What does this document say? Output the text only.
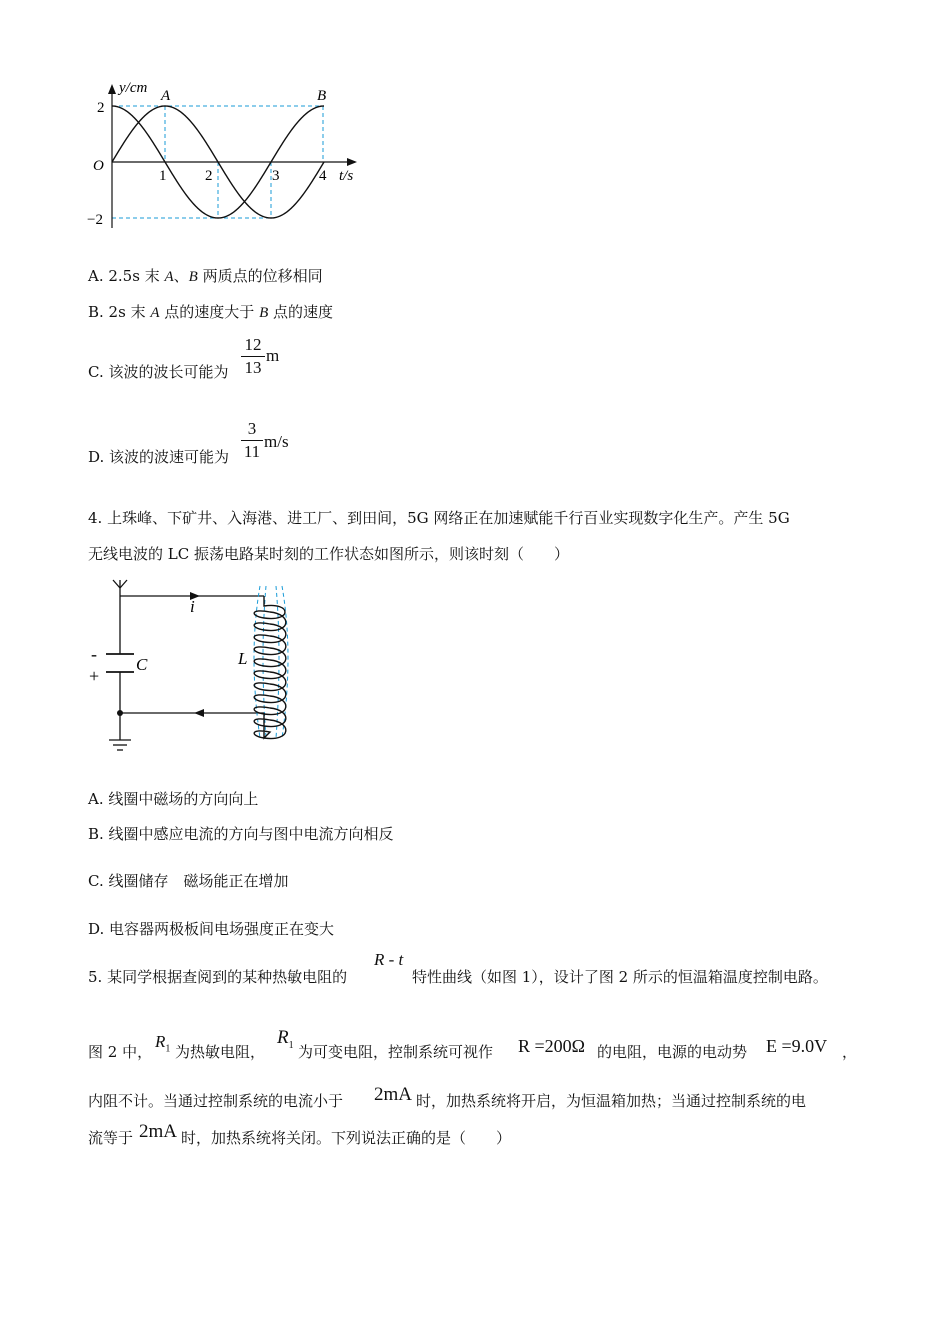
y/cm
t/s
O
2
−2
1	2	3	4
A	B
A. 2.5s 末 A、B 两质点的位移相同
B. 2s 末 A 点的速度大于 B 点的速度
C. 该波的波长可能为
12
13
m
D. 该波的波速可能为
3
11
m/s
4. 上珠峰、下矿井、入海港、进工厂、到田间，5G 网络正在加速赋能千行百业实现数字化生产。产生 5G
无线电波的 LC 振荡电路某时刻的工作状态如图所示，则该时刻（　　）
i
L
C
-
+
A. 线圈中磁场的方向向上
B. 线圈中感应电流的方向与图中电流方向相反
C. 线圈储存　磁场能正在增加
D. 电容器两极板间电场强度正在变大
5. 某同学根据查阅到的某种热敏电阻的
R - t
特性曲线（如图 1），设计了图 2 所示的恒温箱温度控制电路。
图 2 中，
$R_1$ 为热敏电阻，
$R_1$ 为可变电阻，控制系统可视作 R =200Ω 的电阻，电源的电动势 E =9.0V ，
内阻不计。当通过控制系统的电流小于 2mA 时，加热系统将开启，为恒温箱加热；当通过控制系统的电
流等于 2mA 时，加热系统将关闭。下列说法正确的是（　　）
